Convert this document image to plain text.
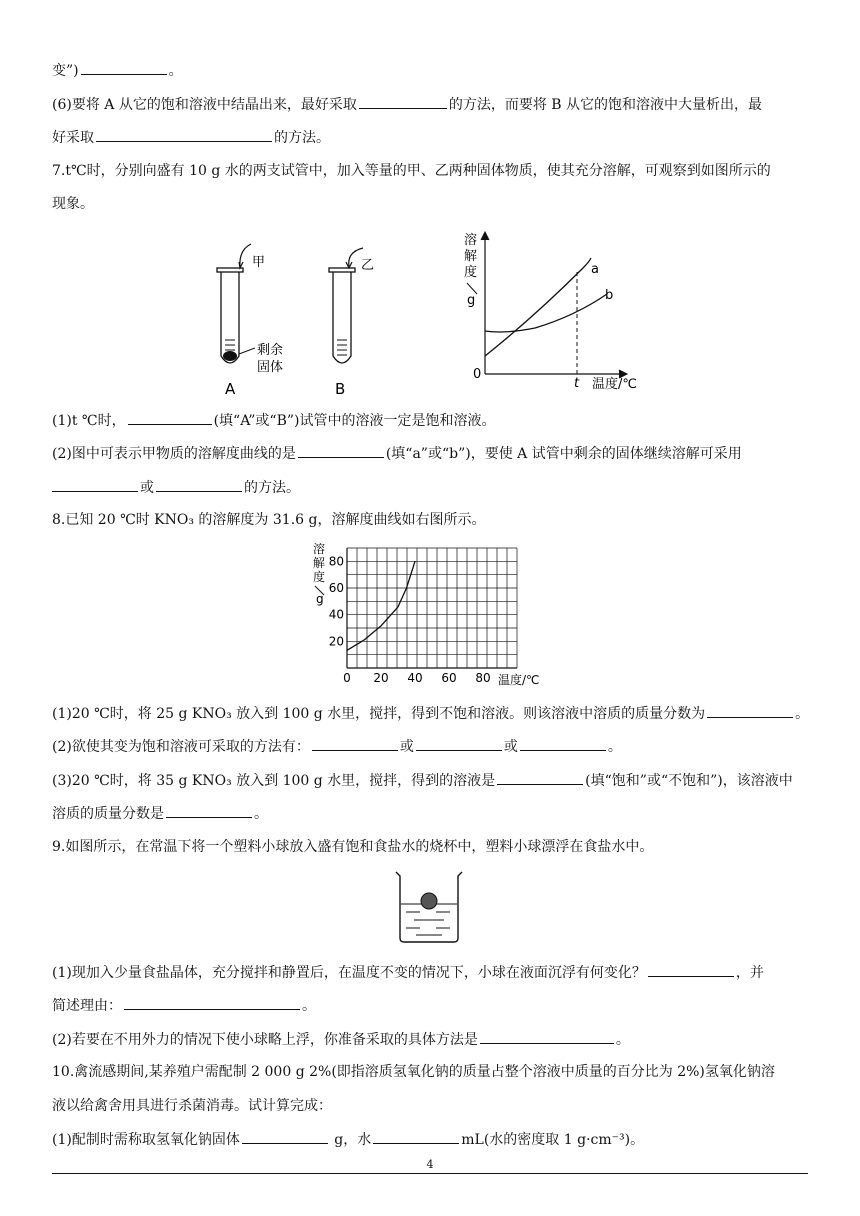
变”)	。
(6)要将 A 从它的饱和溶液中结晶出来，最好采取	的方法，而要将 B 从它的饱和溶液中大量析出，最
好采取	的方法。
7.t℃时，分别向盛有 10 g 水的两支试管中，加入等量的甲、乙两种固体物质，使其充分溶解，可观察到如图所示的
现象。
甲
剩余
固体
A
乙
B
溶
解
度
g
0
a
b
t 温度/℃
(1)t ℃时，	(填“A”或“B”)试管中的溶液一定是饱和溶液。
(2)图中可表示甲物质的溶解度曲线的是	(填“a”或“b”)，要使 A 试管中剩余的固体继续溶解可采用
或	的方法。
8.已知 20 ℃时 KNO₃ 的溶解度为 31.6 g，溶解度曲线如右图所示。
0 20 40 60 80
20
40
60
80
溶
解
度
g
温度/℃
(1)20 ℃时，将 25 g KNO₃ 放入到 100 g 水里，搅拌，得到不饱和溶液。则该溶液中溶质的质量分数为	。
(2)欲使其变为饱和溶液可采取的方法有：	或	或	。
(3)20 ℃时，将 35 g KNO₃ 放入到 100 g 水里，搅拌，得到的溶液是	(填“饱和”或“不饱和”)，该溶液中
溶质的质量分数是	。
9.如图所示，在常温下将一个塑料小球放入盛有饱和食盐水的烧杯中，塑料小球漂浮在食盐水中。
(1)现加入少量食盐晶体，充分搅拌和静置后，在温度不变的情况下，小球在液面沉浮有何变化？	，并
简述理由：	。
(2)若要在不用外力的情况下使小球略上浮，你准备采取的具体方法是	。
10.禽流感期间,某养殖户需配制 2 000 g 2%(即指溶质氢氧化钠的质量占整个溶液中质量的百分比为 2%)氢氧化钠溶
液以给禽舍用具进行杀菌消毒。试计算完成：
(1)配制时需称取氢氧化钠固体	g，水	mL(水的密度取 1 g·cm⁻³)。
4
